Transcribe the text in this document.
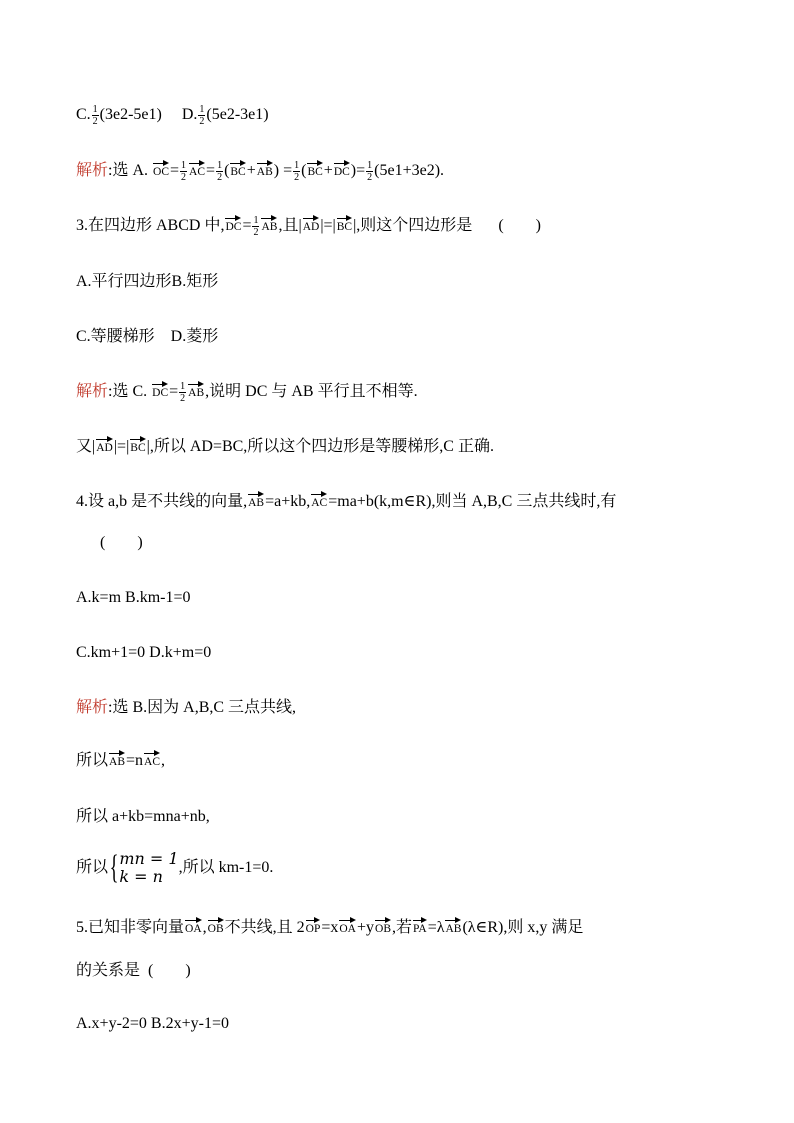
C. $\frac{1}{2} (3e2-5e1)$ D. $\frac{1}{2} (5e2-3e1)$
解析:选 A. $OC= \frac{1}{2} AC= \frac{1}{2} (BC+AB) = \frac{1}{2} (BC+DC)= \frac{1}{2} (5e1+3e2)$.
3.在四边形 ABCD 中$,DC= \frac{1}{2}$ AB,且|AD|=|BC|,则这个四边形是 (　　)
A.平行四边形B.矩形
C.等腰梯形　D.菱形
解析:选 C. $DC= \frac{1}{2}$ AB,说明 DC 与 AB 平行且不相等.
又|AD|=|BC|,所以 AD=BC,所以这个四边形是等腰梯形,C 正确.
4.设 a,b 是不共线的向量,AB=a+kb,AC=ma+b(k,m∈R),则当 A,B,C 三点共线时,有
(　　)
A.k=m B.km-1=0
C.km+1=0 D.k+m=0
解析:选 B.因为 A,B,C 三点共线,
所以AB=nAC,
所以 a+kb=mna+nb,
所以{ mn = 1
k = n ,所以 km-1=0.
5.已知非零向量OA,OB不共线,且 2OP=xOA+yOB,若PA=λAB(λ∈R),则 x,y 满足
的关系是 (　　)
A.x+y-2=0 B.2x+y-1=0
